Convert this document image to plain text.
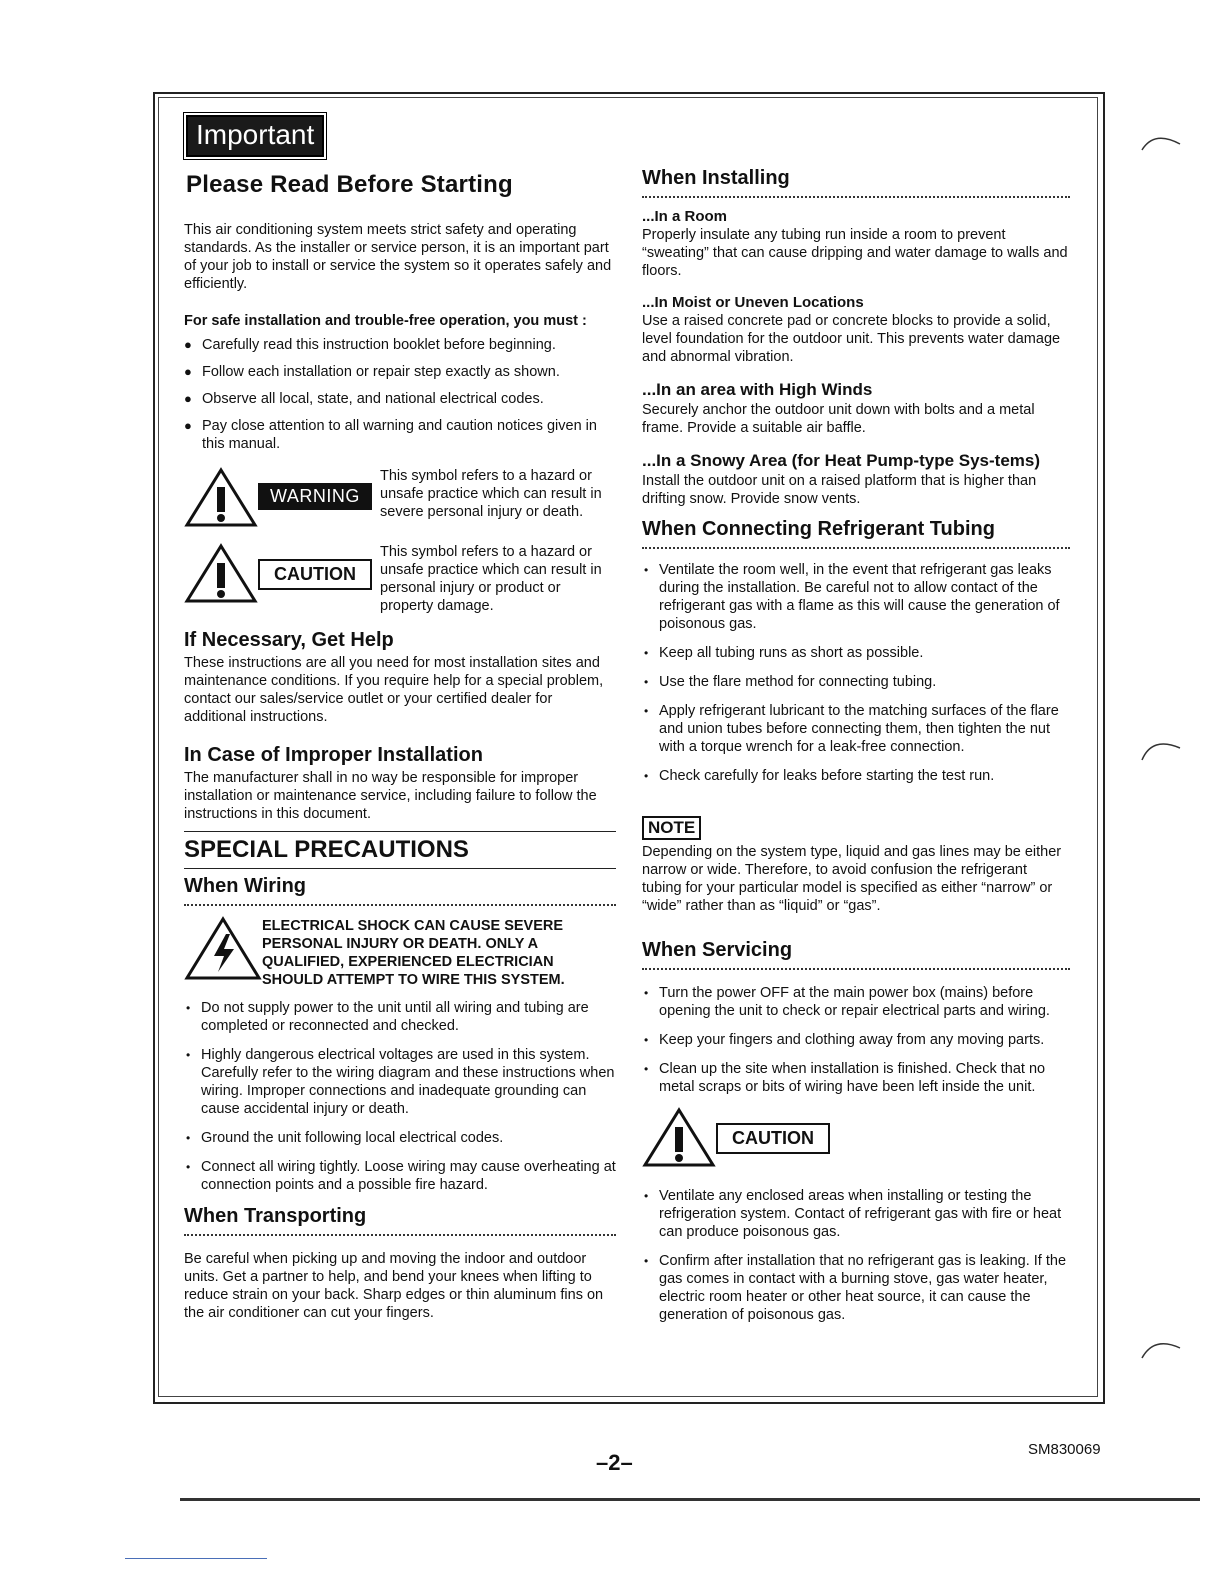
Important
Please Read Before Starting

This air conditioning system meets strict safety and operating standards. As the installer or service person, it is an important part of your job to install or service the system so it operates safely and efficiently.

For safe installation and trouble-free operation, you must :

● Carefully read this instruction booklet before beginning.
● Follow each installation or repair step exactly as shown.
● Observe all local, state, and national electrical codes.
● Pay close attention to all warning and caution notices given in this manual.
WARNING

This symbol refers to a hazard or unsafe practice which can result in severe personal injury or death.

CAUTION

This symbol refers to a hazard or unsafe practice which can result in personal injury or product or property damage.

If Necessary, Get Help

These instructions are all you need for most installation sites and maintenance conditions. If you require help for a special problem, contact our sales/service outlet or your certified dealer for additional instructions.

In Case of Improper Installation

The manufacturer shall in no way be responsible for improper installation or maintenance service, including failure to follow the instructions in this document.

SPECIAL PRECAUTIONS
When Wiring

ELECTRICAL SHOCK CAN CAUSE SEVERE PERSONAL INJURY OR DEATH. ONLY A QUALIFIED, EXPERIENCED ELECTRICIAN SHOULD ATTEMPT TO WIRE THIS SYSTEM.

• Do not supply power to the unit until all wiring and tubing are completed or reconnected and checked.
• Highly dangerous electrical voltages are used in this system. Carefully refer to the wiring diagram and these instructions when wiring. Improper connections and inadequate grounding can cause accidental injury or death.
• Ground the unit following local electrical codes.
• Connect all wiring tightly. Loose wiring may cause overheating at connection points and a possible fire hazard.
When Transporting

Be careful when picking up and moving the indoor and outdoor units. Get a partner to help, and bend your knees when lifting to reduce strain on your back. Sharp edges or thin aluminum fins on the air conditioner can cut your fingers.

When Installing
...In a Room

Properly insulate any tubing run inside a room to prevent “sweating” that can cause dripping and water damage to walls and floors.

...In Moist or Uneven Locations

Use a raised concrete pad or concrete blocks to provide a solid, level foundation for the outdoor unit. This prevents water damage and abnormal vibration.

...In an area with High Winds

Securely anchor the outdoor unit down with bolts and a metal frame. Provide a suitable air baffle.

...In a Snowy Area (for Heat Pump-type Sys-tems)

Install the outdoor unit on a raised platform that is higher than drifting snow. Provide snow vents.

When Connecting Refrigerant Tubing
• Ventilate the room well, in the event that refrigerant gas leaks during the installation. Be careful not to allow contact of the refrigerant gas with a flame as this will cause the generation of poisonous gas.
• Keep all tubing runs as short as possible.
• Use the flare method for connecting tubing.
• Apply refrigerant lubricant to the matching surfaces of the flare and union tubes before connecting them, then tighten the nut with a torque wrench for a leak-free connection.
• Check carefully for leaks before starting the test run.
NOTE

Depending on the system type, liquid and gas lines may be either narrow or wide. Therefore, to avoid confusion the refrigerant tubing for your particular model is specified as either “narrow” or “wide” rather than as “liquid” or “gas”.

When Servicing
• Turn the power OFF at the main power box (mains) before opening the unit to check or repair electrical parts and wiring.
• Keep your fingers and clothing away from any moving parts.
• Clean up the site when installation is finished. Check that no metal scraps or bits of wiring have been left inside the unit.
CAUTION
• Ventilate any enclosed areas when installing or testing the refrigeration system. Contact of refrigerant gas with fire or heat can produce poisonous gas.
• Confirm after installation that no refrigerant gas is leaking. If the gas comes in contact with a burning stove, gas water heater, electric room heater or other heat source, it can cause the generation of poisonous gas.
–2–
SM830069
